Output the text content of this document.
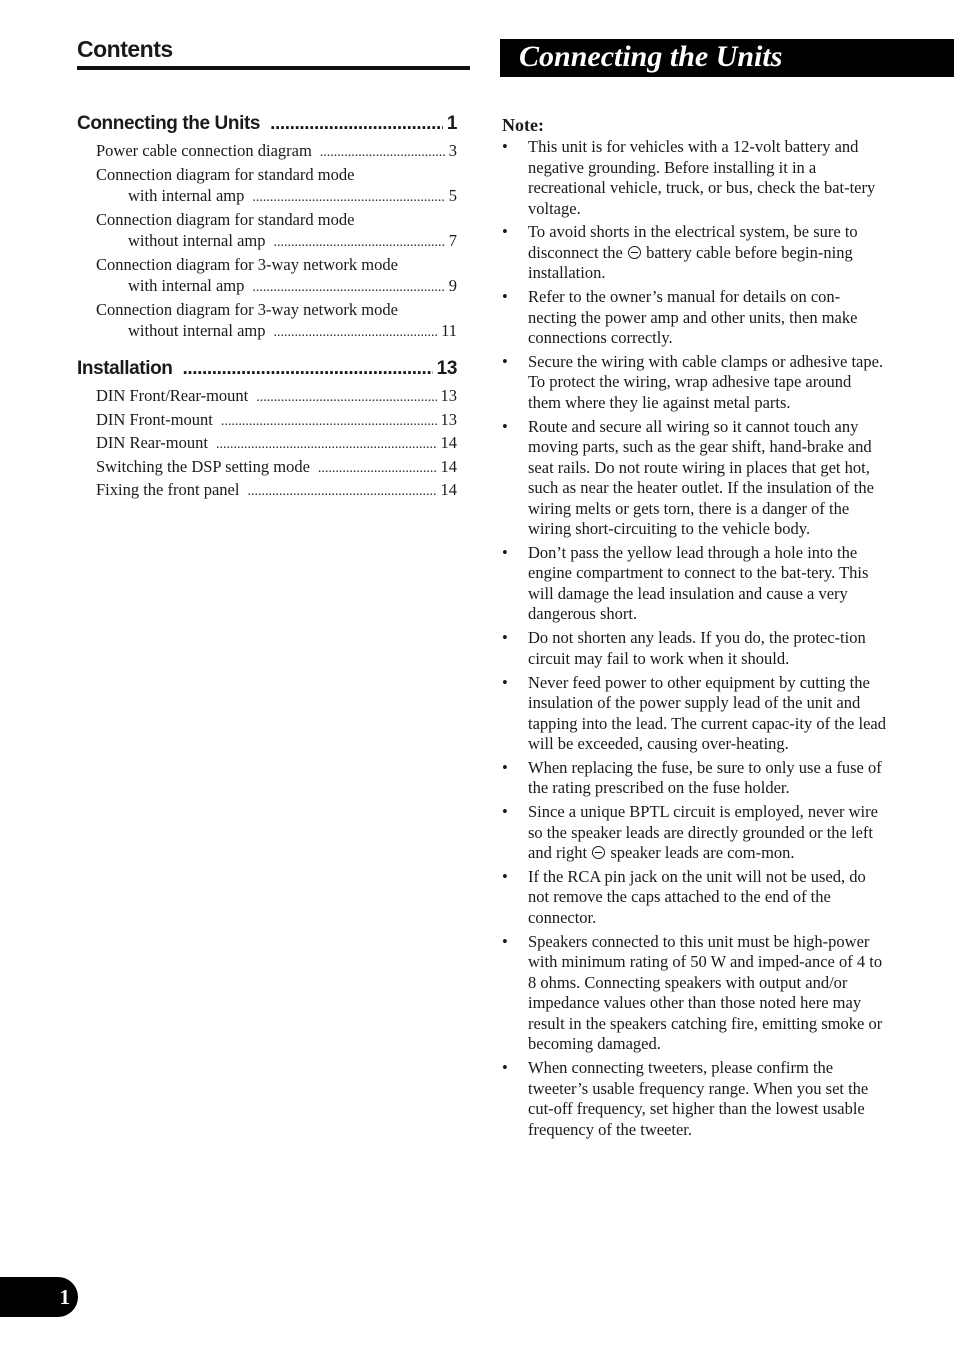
Contents
Connecting the Units .....	1
Power cable connection diagram .....	3
Connection diagram for standard mode
with internal amp .....	5
Connection diagram for standard mode
without internal amp .....	7
Connection diagram for 3-way network mode
with internal amp .....	9
Connection diagram for 3-way network mode
without internal amp .....	11
Installation .....	13
DIN Front/Rear-mount .....	13
DIN Front-mount .....	13
DIN Rear-mount .....	14
Switching the DSP setting mode .....	14
Fixing the front panel .....	14
Connecting the Units
Note:
• This unit is for vehicles with a 12-volt battery and negative grounding. Before installing it in a recreational vehicle, truck, or bus, check the bat-tery voltage.
• To avoid shorts in the electrical system, be sure to disconnect the  battery cable before begin-ning installation.
• Refer to the owner’s manual for details on con-necting the power amp and other units, then make connections correctly.
• Secure the wiring with cable clamps or adhesive tape. To protect the wiring, wrap adhesive tape around them where they lie against metal parts.
• Route and secure all wiring so it cannot touch any moving parts, such as the gear shift, hand-brake and seat rails. Do not route wiring in places that get hot, such as near the heater outlet. If the insulation of the wiring melts or gets torn, there is a danger of the wiring short-circuiting to the vehicle body.
• Don’t pass the yellow lead through a hole into the engine compartment to connect to the bat-tery. This will damage the lead insulation and cause a very dangerous short.
• Do not shorten any leads. If you do, the protec-tion circuit may fail to work when it should.
• Never feed power to other equipment by cutting the insulation of the power supply lead of the unit and tapping into the lead. The current capac-ity of the lead will be exceeded, causing over-heating.
• When replacing the fuse, be sure to only use a fuse of the rating prescribed on the fuse holder.
• Since a unique BPTL circuit is employed, never wire so the speaker leads are directly grounded or the left and right  speaker leads are com-mon.
• If the RCA pin jack on the unit will not be used, do not remove the caps attached to the end of the connector.
• Speakers connected to this unit must be high-power with minimum rating of 50 W and imped-ance of 4 to 8 ohms. Connecting speakers with output and/or impedance values other than those noted here may result in the speakers catching fire, emitting smoke or becoming damaged.
• When connecting tweeters, please confirm the tweeter’s usable frequency range. When you set the cut-off frequency, set higher than the lowest usable frequency of the tweeter.
1
